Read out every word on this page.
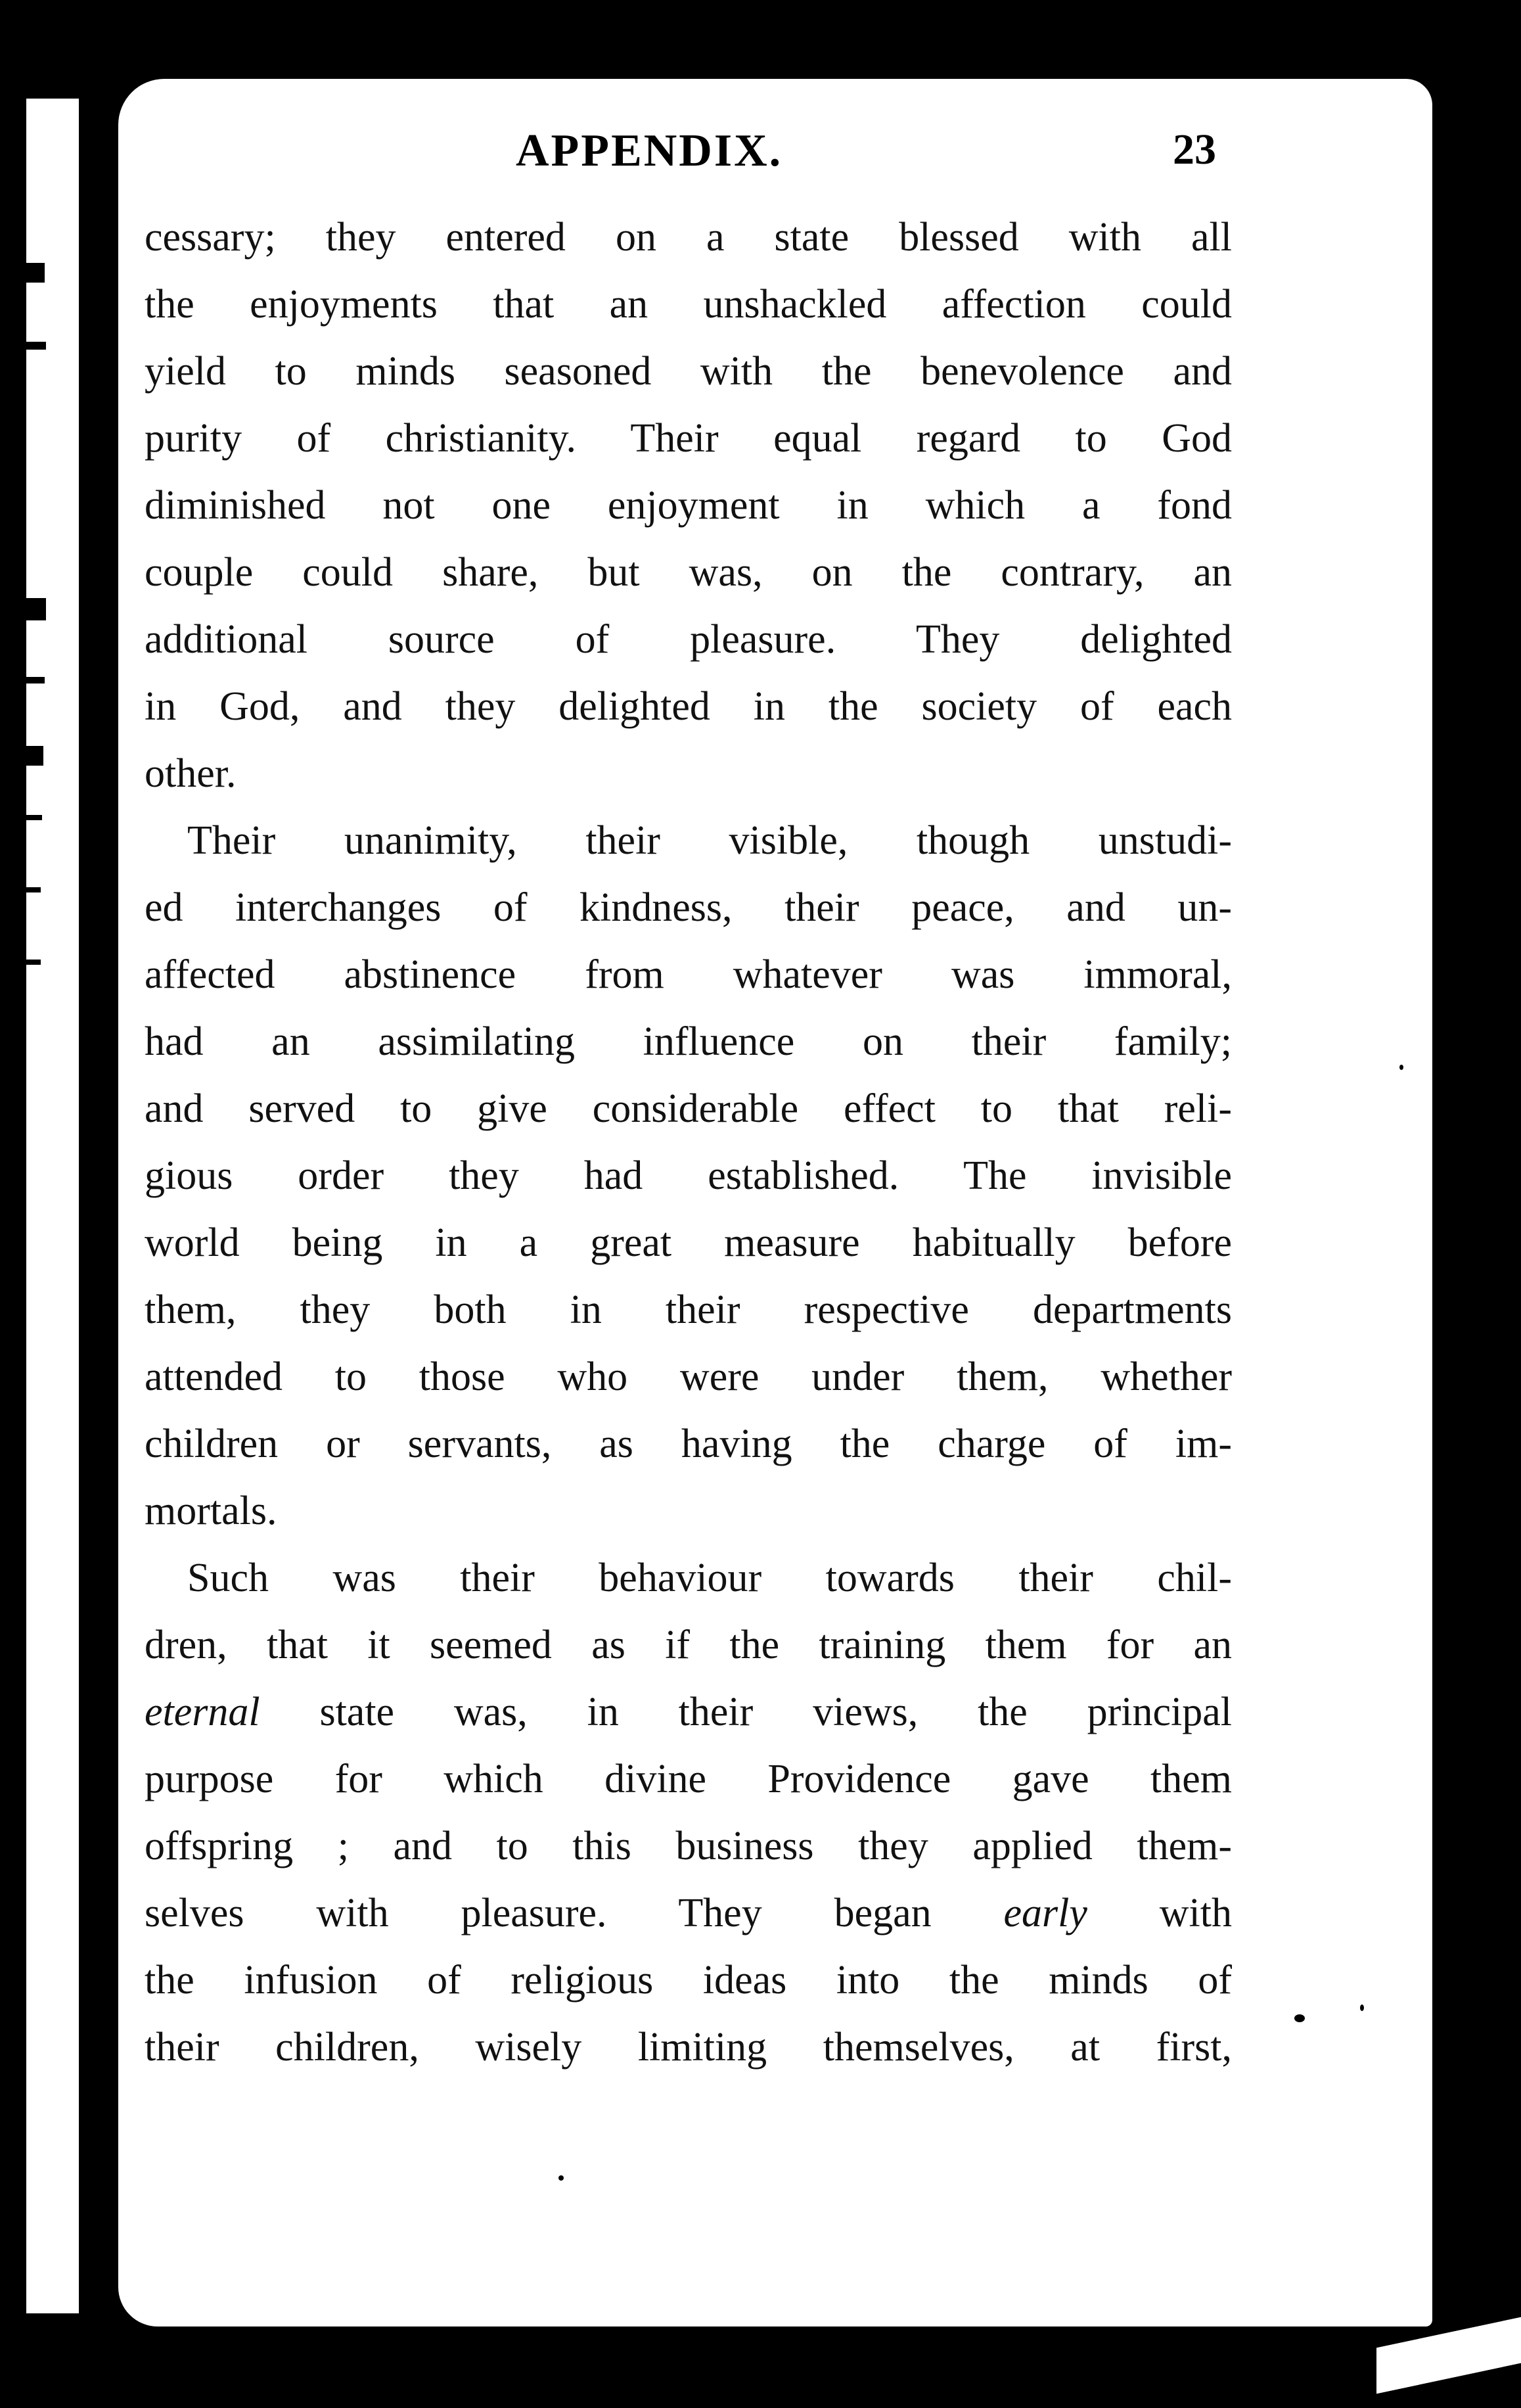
APPENDIX.	23
cessary; they entered on a state blessed with all
the enjoyments that an unshackled affection could
yield to minds seasoned with the benevolence and
purity of christianity. Their equal regard to God
diminished not one enjoyment in which a fond
couple could share, but was, on the contrary, an
additional source of pleasure. They delighted
in God, and they delighted in the society of each
other.
Their unanimity, their visible, though unstudi-
ed interchanges of kindness, their peace, and un-
affected abstinence from whatever was immoral,
had an assimilating influence on their family;
and served to give considerable effect to that reli-
gious order they had established. The invisible
world being in a great measure habitually before
them, they both in their respective departments
attended to those who were under them, whether
children or servants, as having the charge of im-
mortals.
Such was their behaviour towards their chil-
dren, that it seemed as if the training them for an
eternal state was, in their views, the principal
purpose for which divine Providence gave them
offspring ; and to this business they applied them-
selves with pleasure. They began early with
the infusion of religious ideas into the minds of
their children, wisely limiting themselves, at first,
